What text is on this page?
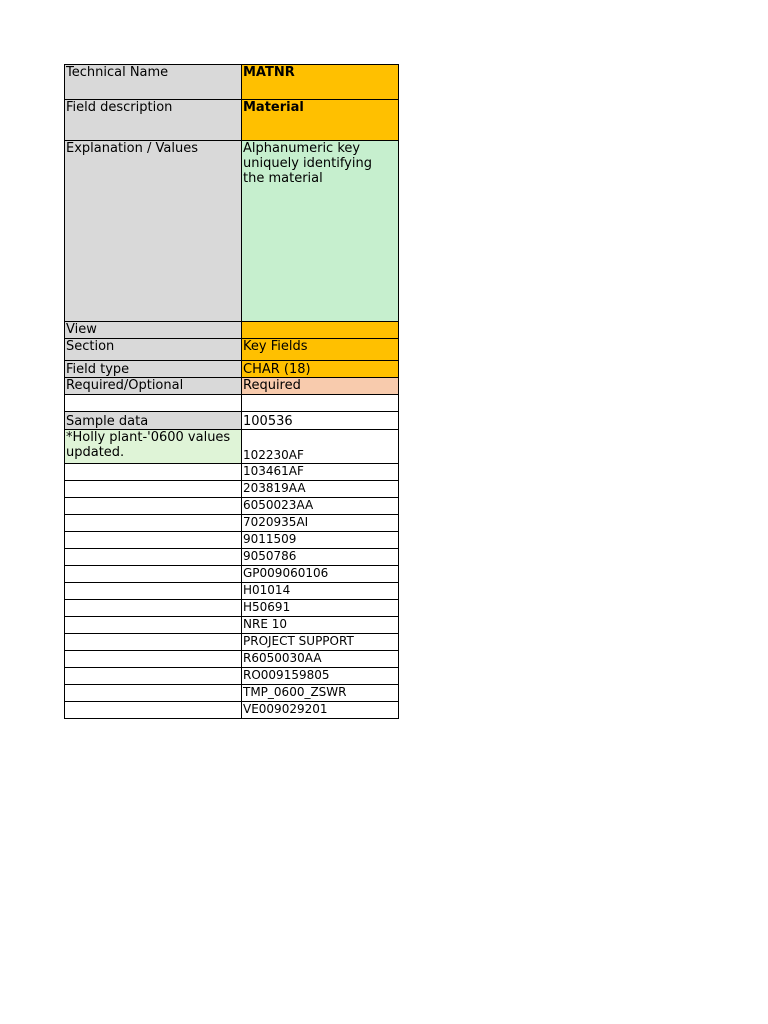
Technical Name	MATNR
Field description	Material
Explanation / Values	Alphanumeric key uniquely identifying the material
View	
Section	Key Fields
Field type	CHAR (18)
Required/Optional	Required

Sample data	100536
*Holly plant-'0600 values updated.	102230AF
	103461AF
	203819AA
	6050023AA
	7020935AI
	9011509
	9050786
	GP009060106
	H01014
	H50691
	NRE 10
	PROJECT SUPPORT
	R6050030AA
	RO009159805
	TMP_0600_ZSWR
	VE009029201
